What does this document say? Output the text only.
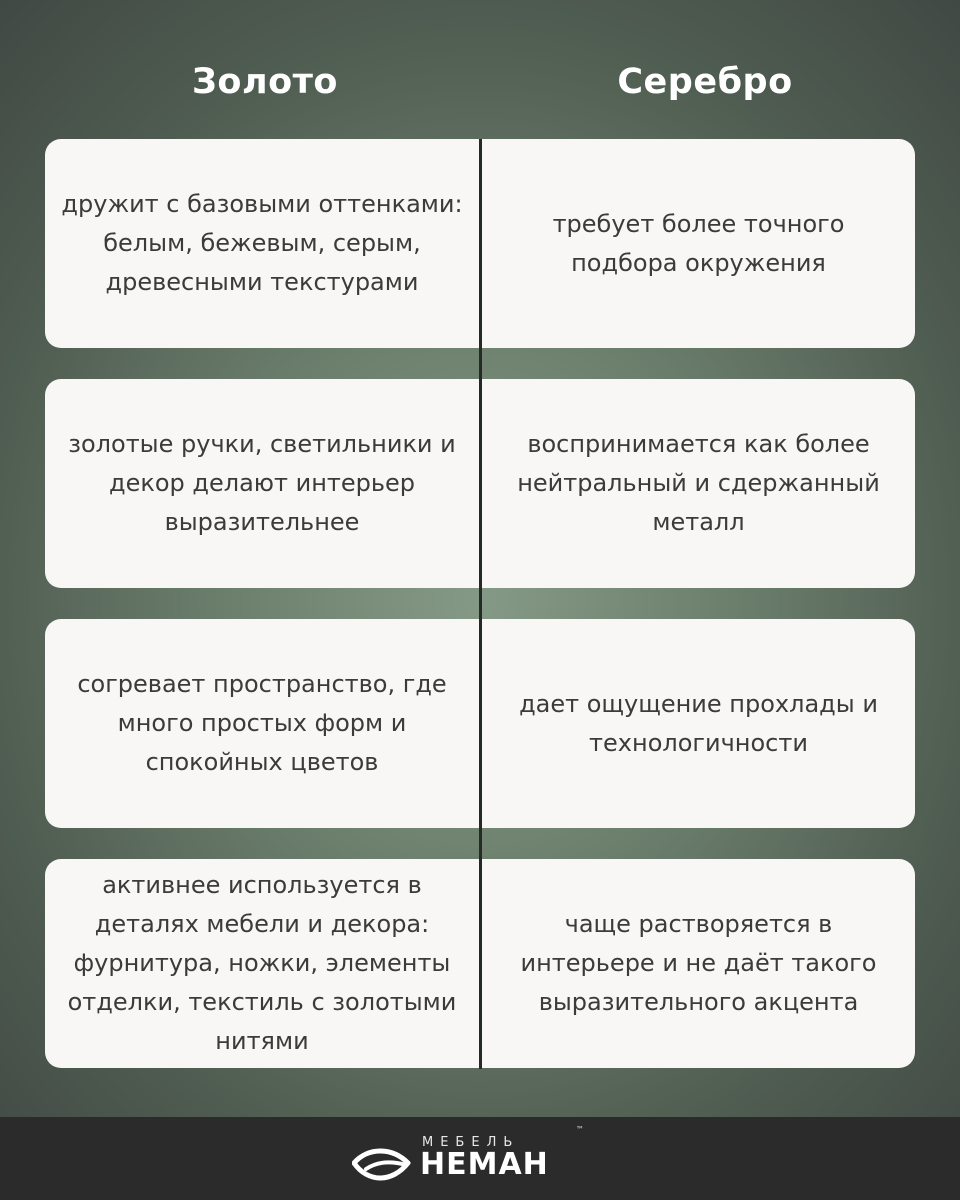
Золото	Серебро
дружит с базовыми оттенками: белым, бежевым, серым, древесными текстурами
требует более точного подбора окружения
золотые ручки, светильники и декор делают интерьер выразительнее
воспринимается как более нейтральный и сдержанный металл
согревает пространство, где много простых форм и спокойных цветов
дает ощущение прохлады и технологичности
активнее используется в деталях мебели и декора: фурнитура, ножки, элементы отделки, текстиль с золотыми нитями
чаще растворяется в интерьере и не даёт такого выразительного акцента
МЕБЕЛЬ
НЕМАН
™
